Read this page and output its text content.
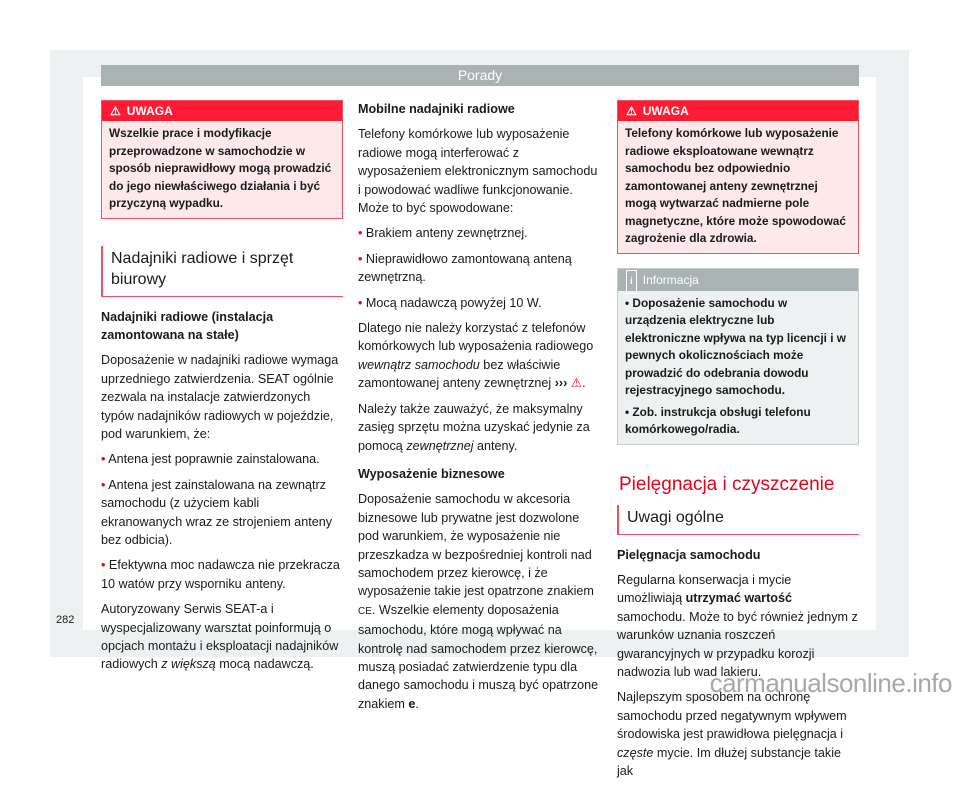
Porady
⚠ UWAGA
Wszelkie prace i modyfikacje przeprowadzone w samochodzie w sposób nieprawidłowy mogą prowadzić do jego niewłaściwego działania i być przyczyną wypadku.
Nadajniki radiowe i sprzęt biurowy

Nadajniki radiowe (instalacja zamontowana na stałe)

Doposażenie w nadajniki radiowe wymaga uprzedniego zatwierdzenia. SEAT ogólnie zezwala na instalacje zatwierdzonych typów nadajników radiowych w pojeździe, pod warunkiem, że:

• Antena jest poprawnie zainstalowana.

• Antena jest zainstalowana na zewnątrz samochodu (z użyciem kabli ekranowanych wraz ze strojeniem anteny bez odbicia).

• Efektywna moc nadawcza nie przekracza 10 watów przy wsporniku anteny.

Autoryzowany Serwis SEAT-a i wyspecjalizowany warsztat poinformują o opcjach montażu i eksploatacji nadajników radiowych z większą mocą nadawczą.

Mobilne nadajniki radiowe

Telefony komórkowe lub wyposażenie radiowe mogą interferować z wyposażeniem elektronicznym samochodu i powodować wadliwe funkcjonowanie. Może to być spowodowane:

• Brakiem anteny zewnętrznej.

• Nieprawidłowo zamontowaną anteną zewnętrzną.

• Mocą nadawczą powyżej 10 W.

Dlatego nie należy korzystać z telefonów komórkowych lub wyposażenia radiowego wewnątrz samochodu bez właściwie zamontowanej anteny zewnętrznej ››› ⚠.

Należy także zauważyć, że maksymalny zasięg sprzętu można uzyskać jedynie za pomocą zewnętrznej anteny.

Wyposażenie biznesowe

Doposażenie samochodu w akcesoria biznesowe lub prywatne jest dozwolone pod warunkiem, że wyposażenie nie przeszkadza w bezpośredniej kontroli nad samochodem przez kierowcę, i że wyposażenie takie jest opatrzone znakiem CE. Wszelkie elementy doposażenia samochodu, które mogą wpływać na kontrolę nad samochodem przez kierowcę, muszą posiadać zatwierdzenie typu dla danego samochodu i muszą być opatrzone znakiem e.

⚠ UWAGA
Telefony komórkowe lub wyposażenie radiowe eksploatowane wewnątrz samochodu bez odpowiednio zamontowanej anteny zewnętrznej mogą wytwarzać nadmierne pole magnetyczne, które może spowodować zagrożenie dla zdrowia.
i Informacja
• Doposażenie samochodu w urządzenia elektryczne lub elektroniczne wpływa na typ licencji i w pewnych okolicznościach może prowadzić do odebrania dowodu rejestracyjnego samochodu.
• Zob. instrukcja obsługi telefonu komórkowego/radia.
Pielęgnacja i czyszczenie
Uwagi ogólne

Pielęgnacja samochodu

Regularna konserwacja i mycie umożliwiają utrzymać wartość samochodu. Może to być również jednym z warunków uznania roszczeń gwarancyjnych w przypadku korozji nadwozia lub wad lakieru.

Najlepszym sposobem na ochronę samochodu przed negatywnym wpływem środowiska jest prawidłowa pielęgnacja i częste mycie. Im dłużej substancje takie jak

282
carmanualsonline.info
